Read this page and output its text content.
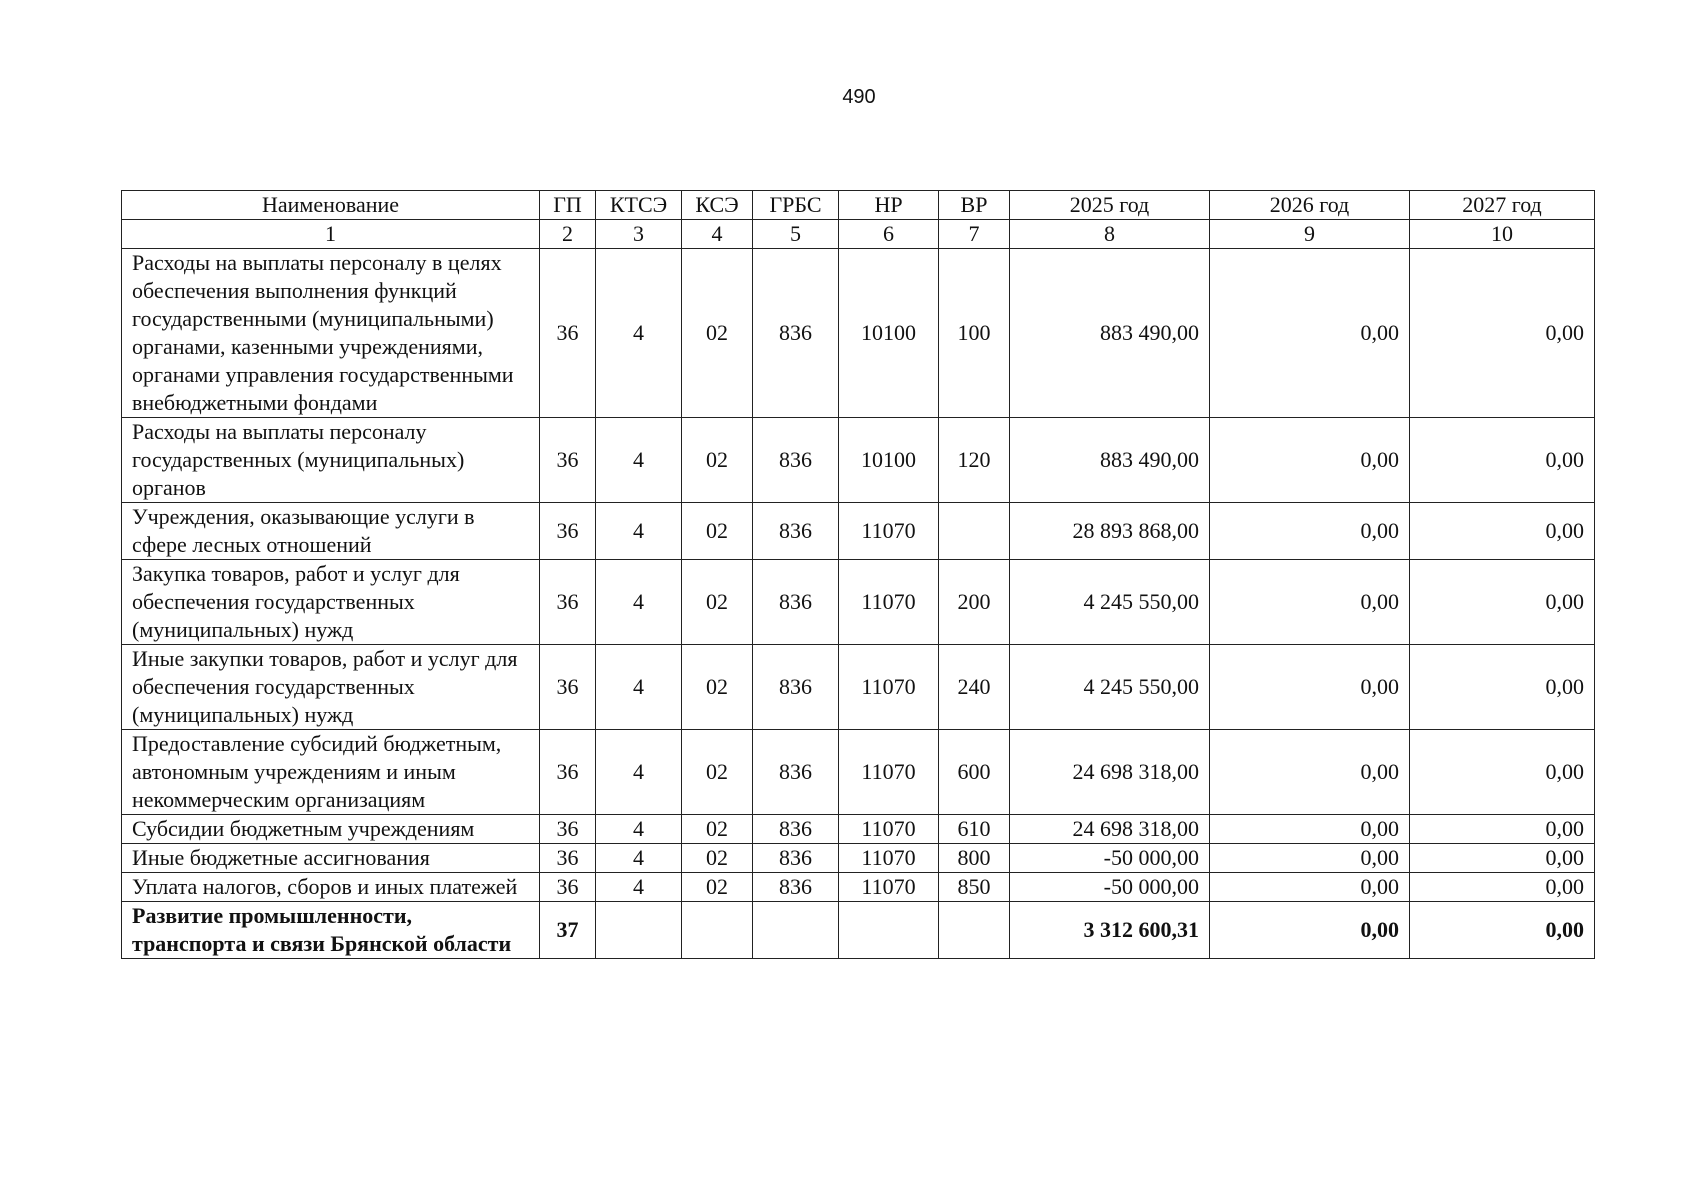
490
Наименование	ГП	КТСЭ	КСЭ	ГРБС	НР	ВР	2025 год	2026 год	2027 год
1	2	3	4	5	6	7	8	9	10
Расходы на выплаты персоналу в целях обеспечения выполнения функций государственными (муниципальными) органами, казенными учреждениями, органами управления государственными внебюджетными фондами	36	4	02	836	10100	100	883 490,00	0,00	0,00
Расходы на выплаты персоналу государственных (муниципальных) органов	36	4	02	836	10100	120	883 490,00	0,00	0,00
Учреждения, оказывающие услуги в сфере лесных отношений	36	4	02	836	11070		28 893 868,00	0,00	0,00
Закупка товаров, работ и услуг для обеспечения государственных (муниципальных) нужд	36	4	02	836	11070	200	4 245 550,00	0,00	0,00
Иные закупки товаров, работ и услуг для обеспечения государственных (муниципальных) нужд	36	4	02	836	11070	240	4 245 550,00	0,00	0,00
Предоставление субсидий бюджетным, автономным учреждениям и иным некоммерческим организациям	36	4	02	836	11070	600	24 698 318,00	0,00	0,00
Субсидии бюджетным учреждениям	36	4	02	836	11070	610	24 698 318,00	0,00	0,00
Иные бюджетные ассигнования	36	4	02	836	11070	800	-50 000,00	0,00	0,00
Уплата налогов, сборов и иных платежей	36	4	02	836	11070	850	-50 000,00	0,00	0,00
Развитие промышленности, транспорта и связи Брянской области	37						3 312 600,31	0,00	0,00
